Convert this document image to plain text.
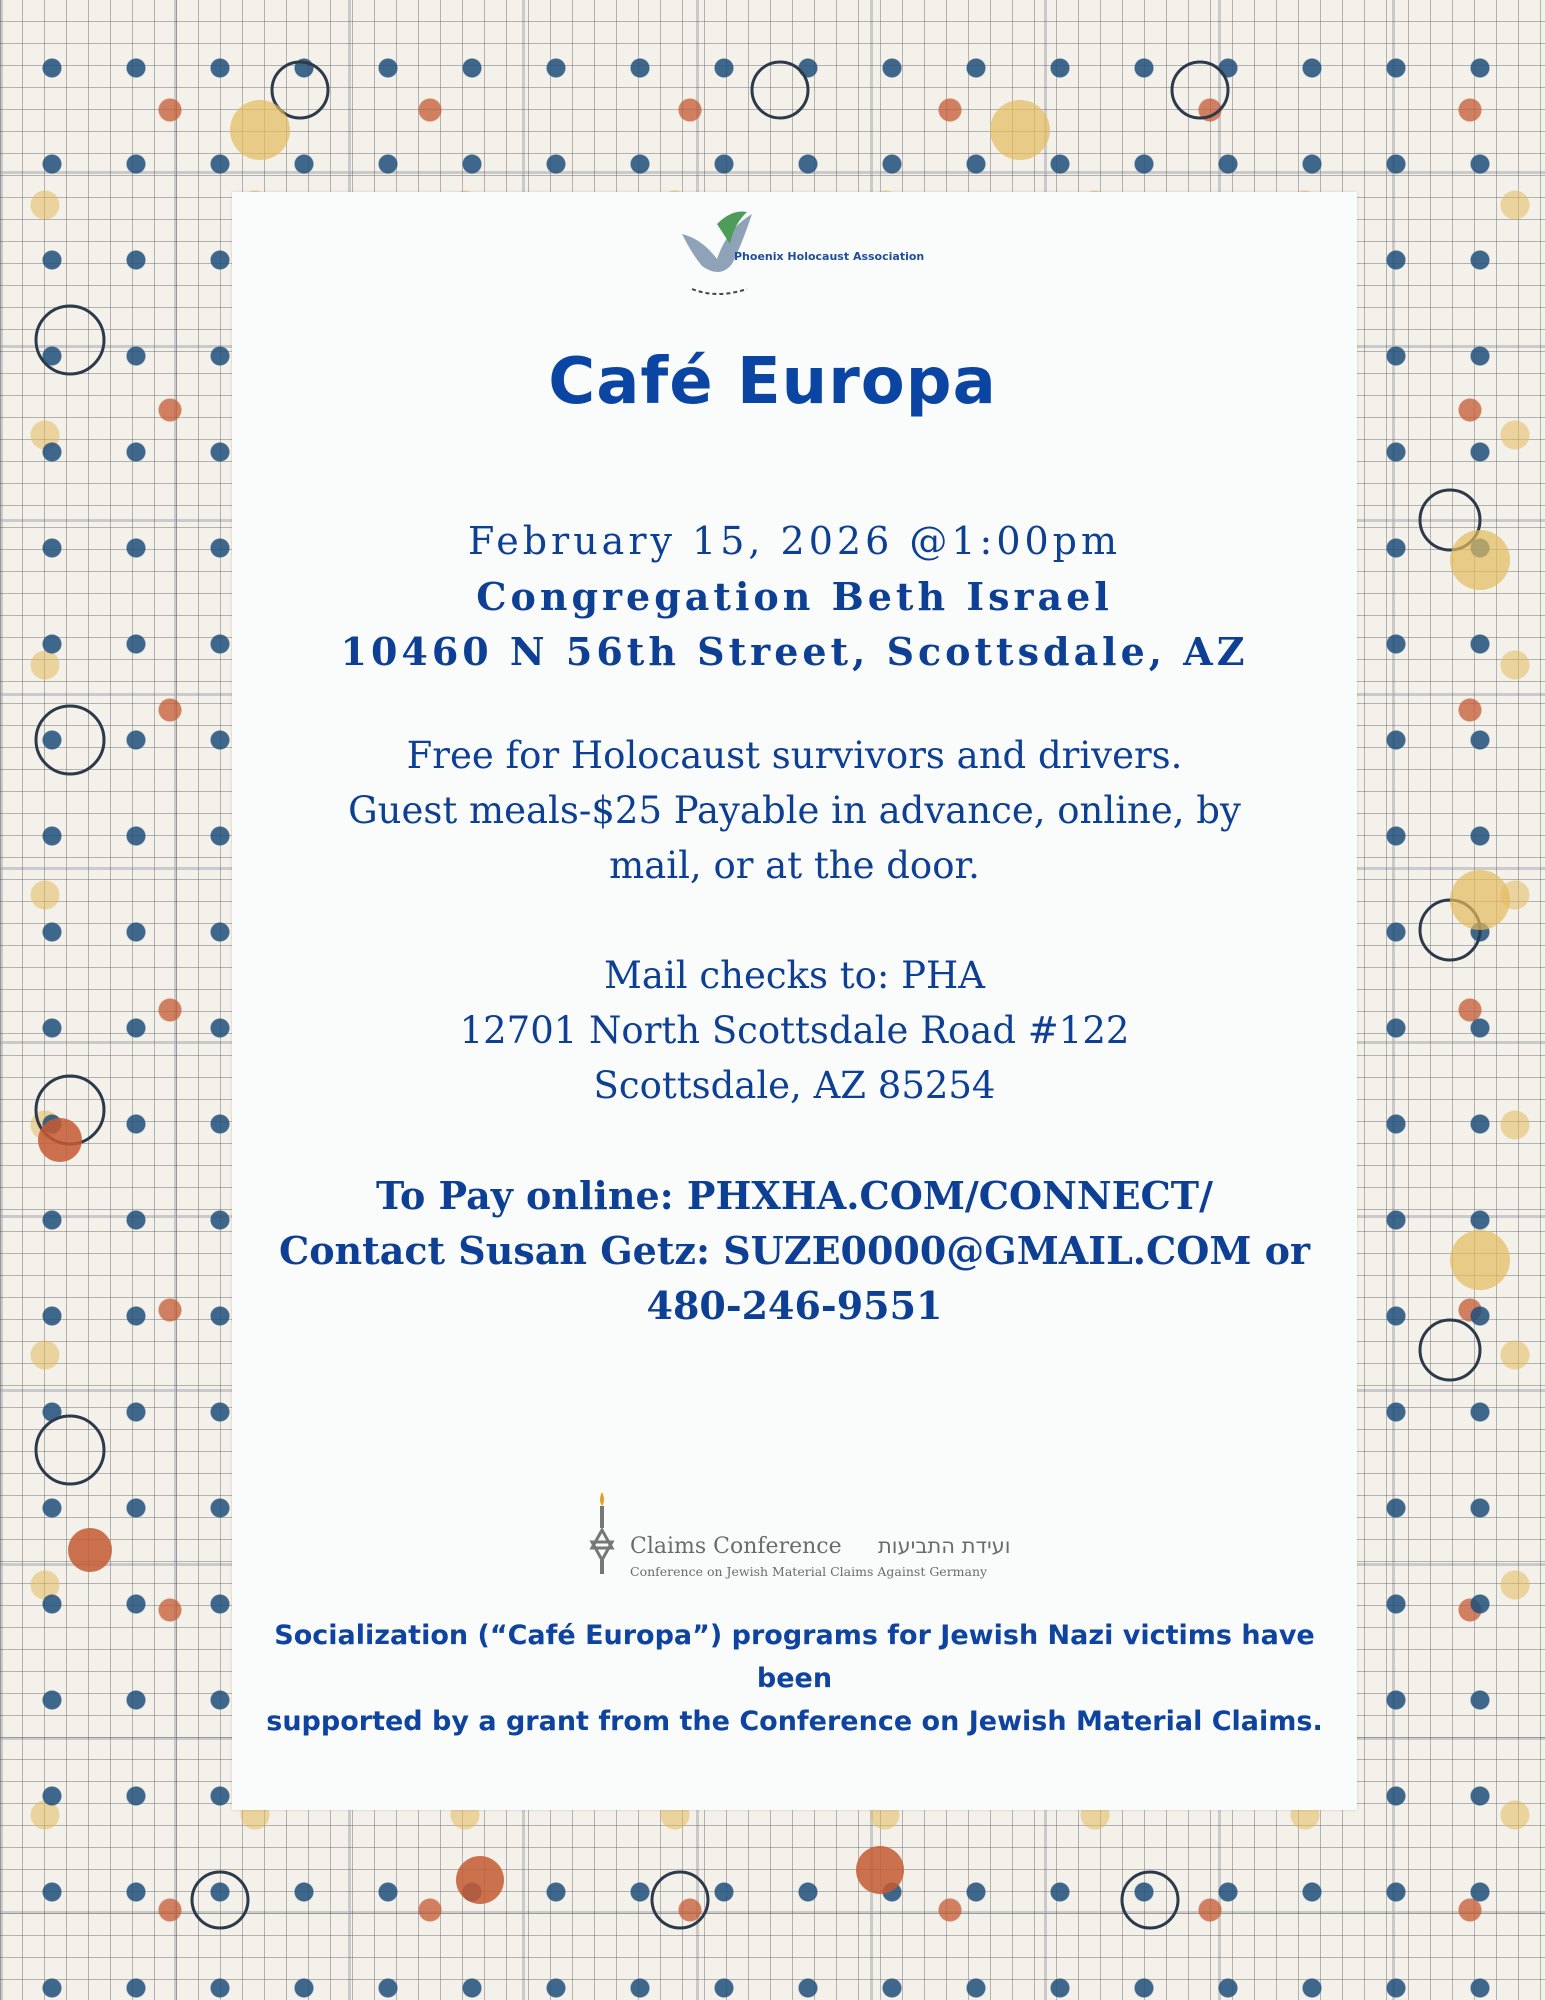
Phoenix Holocaust Association
Café Europa
February 15, 2026 @1:00pm
Congregation Beth Israel
10460 N 56th Street, Scottsdale, AZ
Free for Holocaust survivors and drivers.
Guest meals-$25 Payable in advance, online, by
mail, or at the door.
Mail checks to: PHA
12701 North Scottsdale Road #122
Scottsdale, AZ 85254
To Pay online: PHXHA.COM/CONNECT/
Contact Susan Getz: SUZE0000@GMAIL.COM or
480-246-9551
Claims Conference ועידת התביעות
Conference on Jewish Material Claims Against Germany
Socialization (“Café Europa”) programs for Jewish Nazi victims have been
supported by a grant from the Conference on Jewish Material Claims.
